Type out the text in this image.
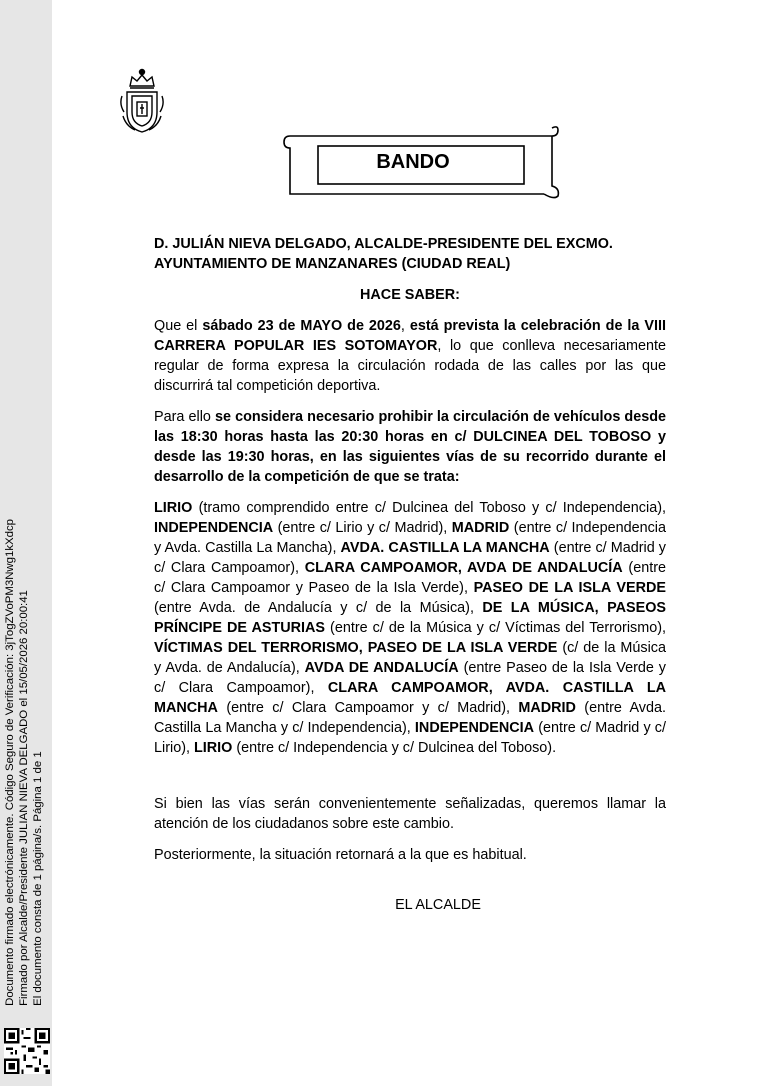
Documento firmado electrónicamente. Código Seguro de Verificación: 3jTogZVoPM3Nwg1kXdcp Firmado por Alcalde/Presidente JULIAN NIEVA DELGADO el 15/05/2026 20:00:41 El documento consta de 1 página/s. Página 1 de 1
BANDO

D. JULIÁN NIEVA DELGADO, ALCALDE-PRESIDENTE DEL EXCMO.
AYUNTAMIENTO DE MANZANARES (CIUDAD REAL)

HACE SABER:

Que el sábado 23 de MAYO de 2026, está prevista la celebración de la VIII CARRERA POPULAR IES SOTOMAYOR, lo que conlleva necesariamente regular de forma expresa la circulación rodada de las calles por las que discurrirá tal competición deportiva.

Para ello se considera necesario prohibir la circulación de vehículos desde las 18:30 horas hasta las 20:30 horas en c/ DULCINEA DEL TOBOSO y desde las 19:30 horas, en las siguientes vías de su recorrido durante el desarrollo de la competición de que se trata:

LIRIO (tramo comprendido entre c/ Dulcinea del Toboso y c/ Independencia), INDEPENDENCIA (entre c/ Lirio y c/ Madrid), MADRID (entre c/ Independencia y Avda. Castilla La Mancha), AVDA. CASTILLA LA MANCHA (entre c/ Madrid y c/ Clara Campoamor), CLARA CAMPOAMOR, AVDA DE ANDALUCÍA (entre c/ Clara Campoamor y Paseo de la Isla Verde), PASEO DE LA ISLA VERDE (entre Avda. de Andalucía y c/ de la Música), DE LA MÚSICA, PASEOS PRÍNCIPE DE ASTURIAS (entre c/ de la Música y c/ Víctimas del Terrorismo), VÍCTIMAS DEL TERRORISMO, PASEO DE LA ISLA VERDE (c/ de la Música y Avda. de Andalucía), AVDA DE ANDALUCÍA (entre Paseo de la Isla Verde y c/ Clara Campoamor), CLARA CAMPOAMOR, AVDA. CASTILLA LA MANCHA (entre c/ Clara Campoamor y c/ Madrid), MADRID (entre Avda. Castilla La Mancha y c/ Independencia), INDEPENDENCIA (entre c/ Madrid y c/ Lirio), LIRIO (entre c/ Independencia y c/ Dulcinea del Toboso).

Si bien las vías serán convenientemente señalizadas, queremos llamar la atención de los ciudadanos sobre este cambio.

Posteriormente, la situación retornará a la que es habitual.

EL ALCALDE
